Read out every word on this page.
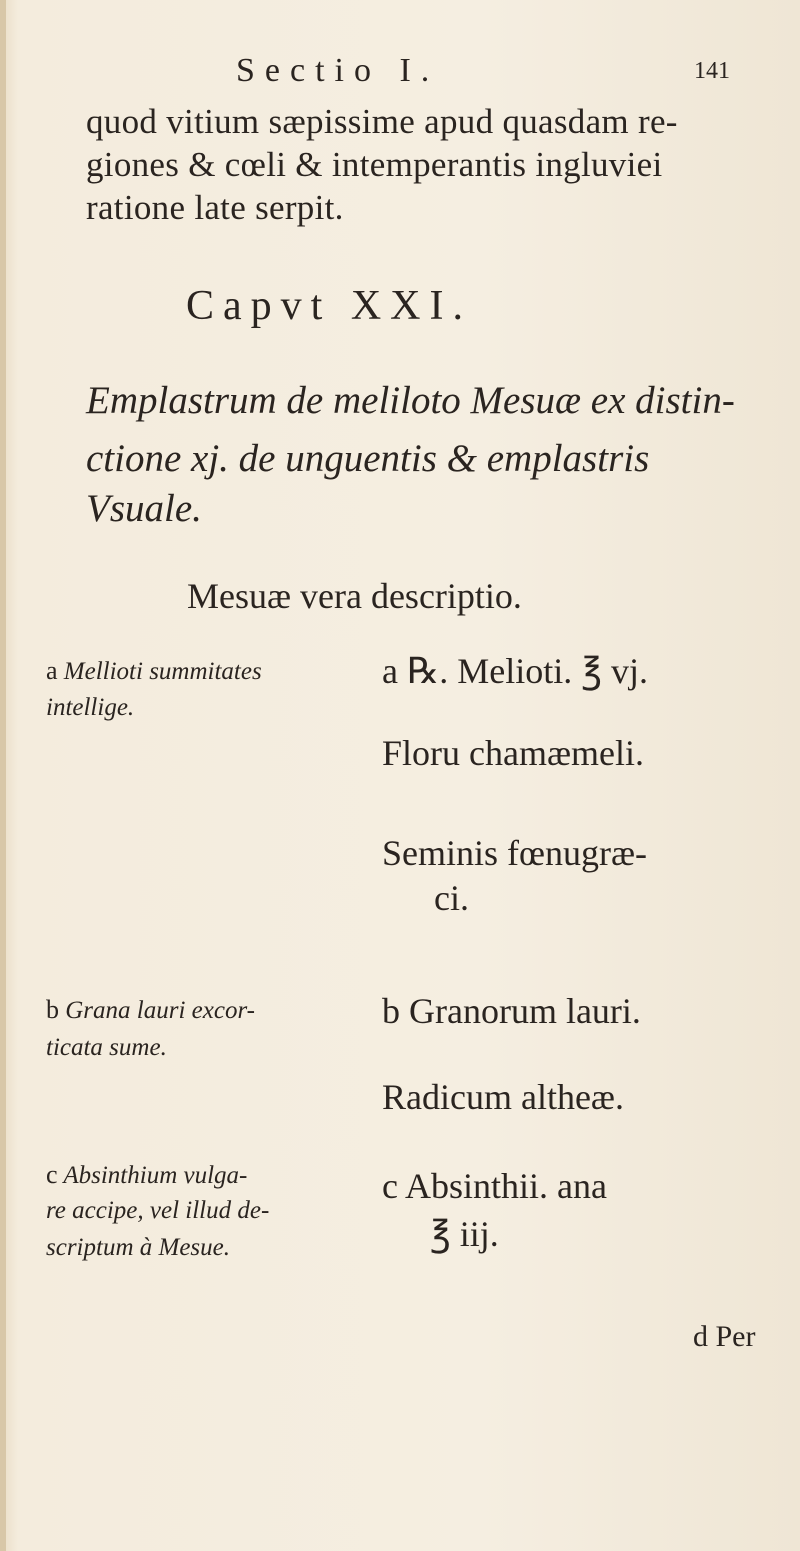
Sectio I.	141
quod vitium sæpissime apud quasdam re-
giones & cœli & intemperantis ingluviei
ratione late serpit.
Capvt XXI.
Emplastrum de meliloto Mesuæ ex distin-
ctione xj. de unguentis & emplastris
Vsuale.
Mesuæ vera descriptio.
a Mellioti summitates
intellige.
b Grana lauri excor-
ticata sume.
c Absinthium vulga-
re accipe, vel illud de-
scriptum à Mesue.
a ℞. Melioti. ℥ vj.
Floru chamæmeli.
Seminis fœnugræ-
ci.
b Granorum lauri.
Radicum altheæ.
c Absinthii. ana
℥ iij.
d Per
